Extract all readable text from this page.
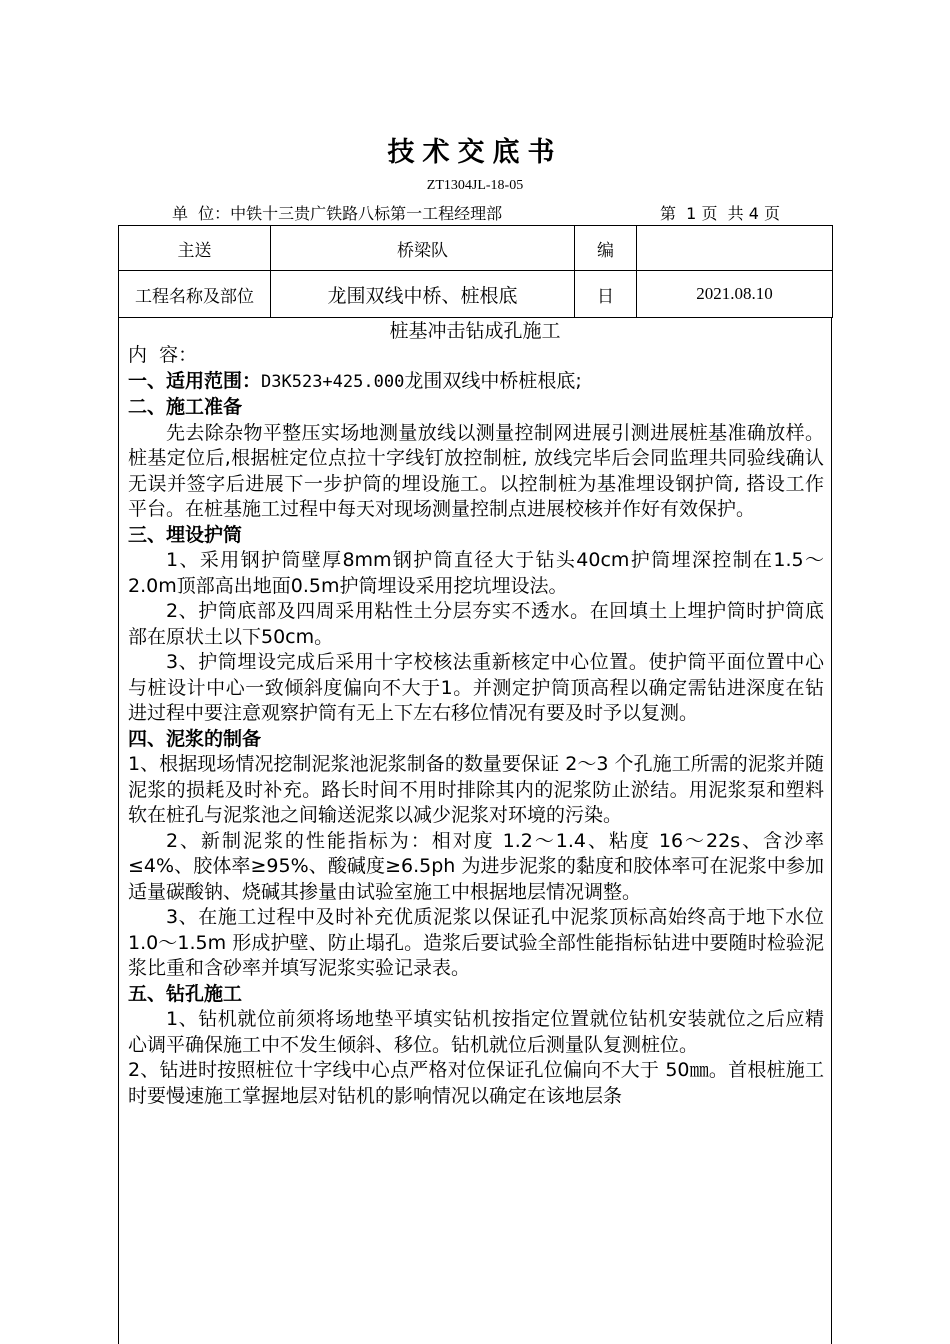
技术交底书
ZT1304JL-18-05
单  位：中铁十三贵广铁路八标第一工程经理部	第  1 页  共 4 页
主送	桥梁队	编	
工程名称及部位	龙围双线中桥、桩根底	日	2021.08.10
桩基冲击钻成孔施工

内  容：

一、适用范围：D3K523+425.000龙围双线中桥桩根底;

二、施工准备

先去除杂物平整压实场地测量放线以测量控制网进展引测进展桩基准确放样。桩基定位后,根据桩定位点拉十字线钉放控制桩, 放线完毕后会同监理共同验线确认无误并签字后进展下一步护筒的埋设施工。以控制桩为基准埋设钢护筒, 搭设工作平台。在桩基施工过程中每天对现场测量控制点进展校核并作好有效保护。

三、埋设护筒

1、采用钢护筒壁厚8mm钢护筒直径大于钻头40cm护筒埋深控制在1.5～2.0m顶部高出地面0.5m护筒埋设采用挖坑埋设法。

2、护筒底部及四周采用粘性土分层夯实不透水。在回填土上埋护筒时护筒底部在原状土以下50cm。

3、护筒埋设完成后采用十字校核法重新核定中心位置。使护筒平面位置中心与桩设计中心一致倾斜度偏向不大于1。并测定护筒顶高程以确定需钻进深度在钻进过程中要注意观察护筒有无上下左右移位情况有要及时予以复测。

四、泥浆的制备

1、根据现场情况挖制泥浆池泥浆制备的数量要保证 2～3 个孔施工所需的泥浆并随泥浆的损耗及时补充。路长时间不用时排除其内的泥浆防止淤结。用泥浆泵和塑料软在桩孔与泥浆池之间输送泥浆以减少泥浆对环境的污染。

2、新制泥浆的性能指标为：相对度 1.2～1.4、粘度 16～22s、含沙率≤4%、胶体率≥95%、酸碱度≥6.5ph 为进步泥浆的黏度和胶体率可在泥浆中参加适量碳酸钠、烧碱其掺量由试验室施工中根据地层情况调整。

3、在施工过程中及时补充优质泥浆以保证孔中泥浆顶标高始终高于地下水位 1.0～1.5m 形成护壁、防止塌孔。造浆后要试验全部性能指标钻进中要随时检验泥浆比重和含砂率并填写泥浆实验记录表。

五、钻孔施工

1、钻机就位前须将场地垫平填实钻机按指定位置就位钻机安装就位之后应精心调平确保施工中不发生倾斜、移位。钻机就位后测量队复测桩位。

2、钻进时按照桩位十字线中心点严格对位保证孔位偏向不大于 50㎜。首根桩施工时要慢速施工掌握地层对钻机的影响情况以确定在该地层条
